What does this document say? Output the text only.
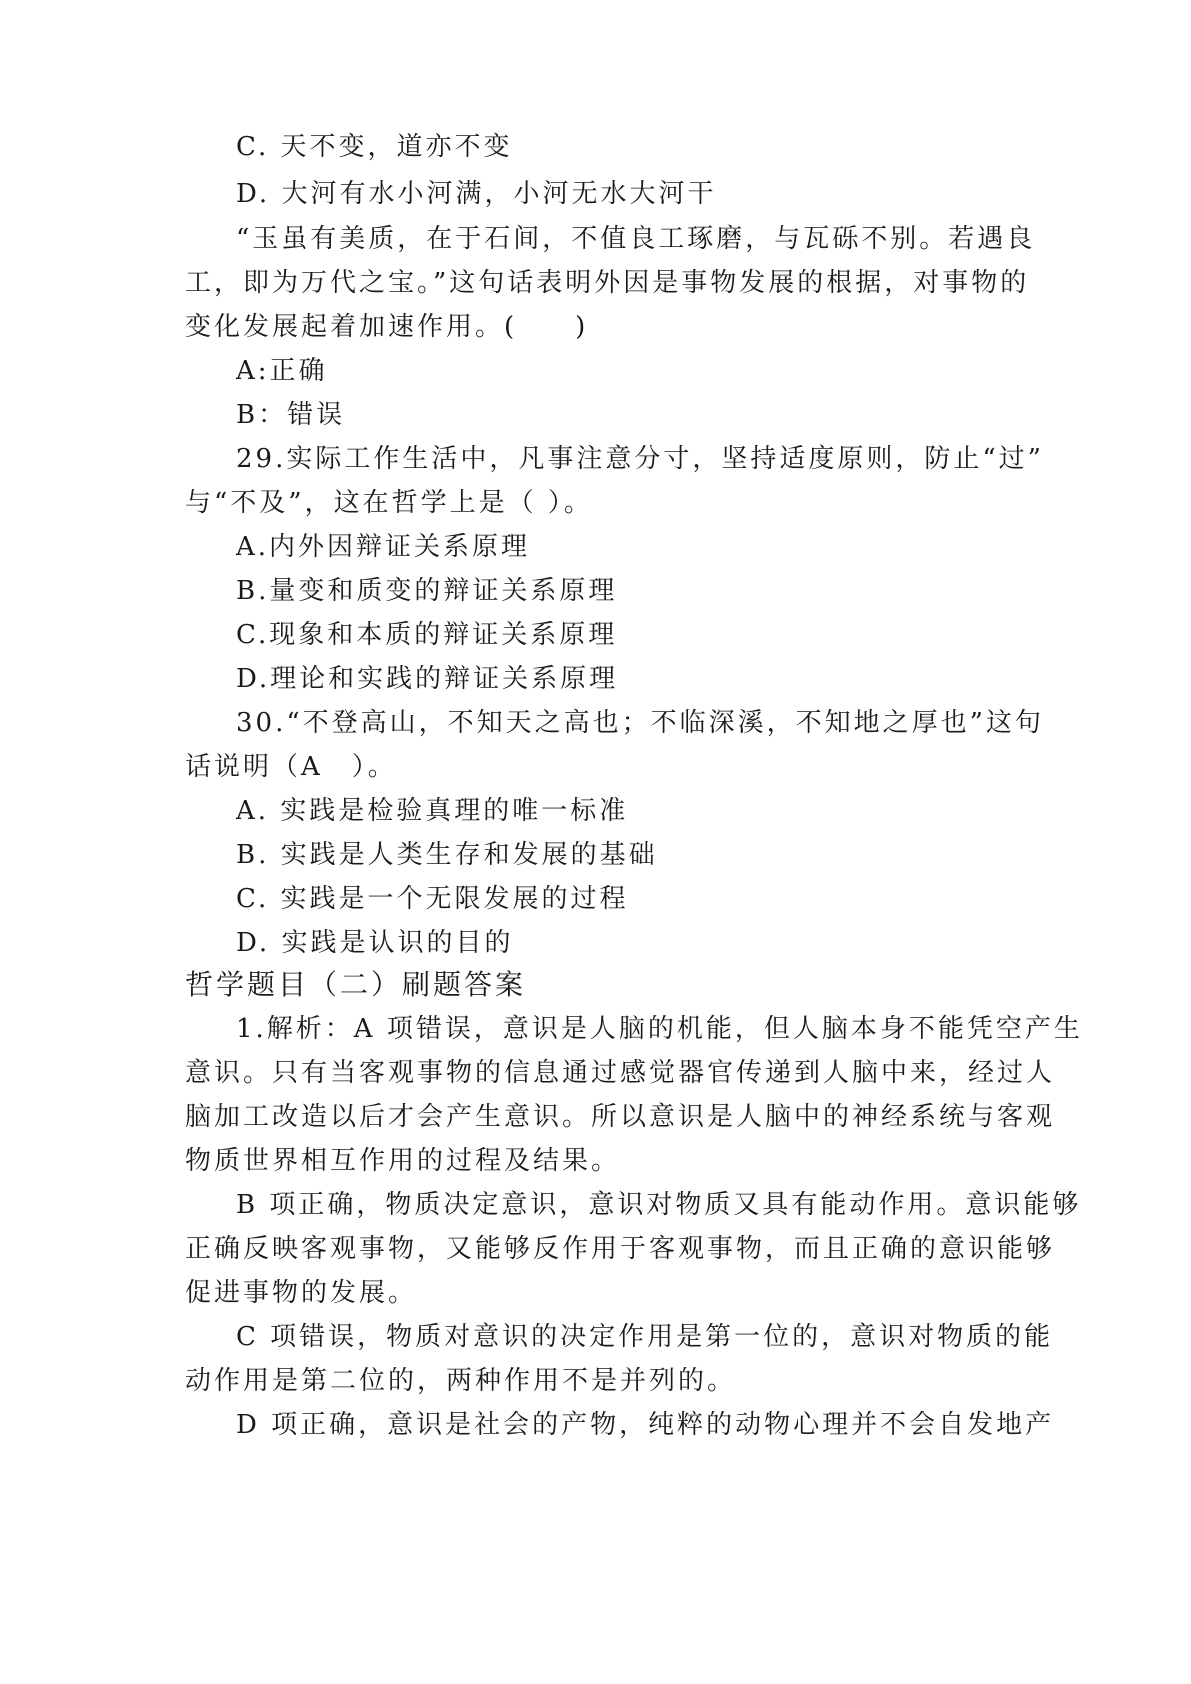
C. 天不变，道亦不变
D. 大河有水小河满，小河无水大河干
“玉虽有美质，在于石间，不值良工琢磨，与瓦砾不别。若遇良
工，即为万代之宝。”这句话表明外因是事物发展的根据，对事物的
变化发展起着加速作用。(　　)
A:正确
B：错误
29.实际工作生活中，凡事注意分寸，坚持适度原则，防止“过”
与“不及”，这在哲学上是（ ）。
A.内外因辩证关系原理
B.量变和质变的辩证关系原理
C.现象和本质的辩证关系原理
D.理论和实践的辩证关系原理
30.“不登高山，不知天之高也；不临深溪，不知地之厚也”这句
话说明（A　）。
A. 实践是检验真理的唯一标准
B. 实践是人类生存和发展的基础
C. 实践是一个无限发展的过程
D. 实践是认识的目的
哲学题目（二）刷题答案
1.解析：A 项错误，意识是人脑的机能，但人脑本身不能凭空产生
意识。只有当客观事物的信息通过感觉器官传递到人脑中来，经过人
脑加工改造以后才会产生意识。所以意识是人脑中的神经系统与客观
物质世界相互作用的过程及结果。
B 项正确，物质决定意识，意识对物质又具有能动作用。意识能够
正确反映客观事物，又能够反作用于客观事物，而且正确的意识能够
促进事物的发展。
C 项错误，物质对意识的决定作用是第一位的，意识对物质的能
动作用是第二位的，两种作用不是并列的。
D 项正确，意识是社会的产物，纯粹的动物心理并不会自发地产
